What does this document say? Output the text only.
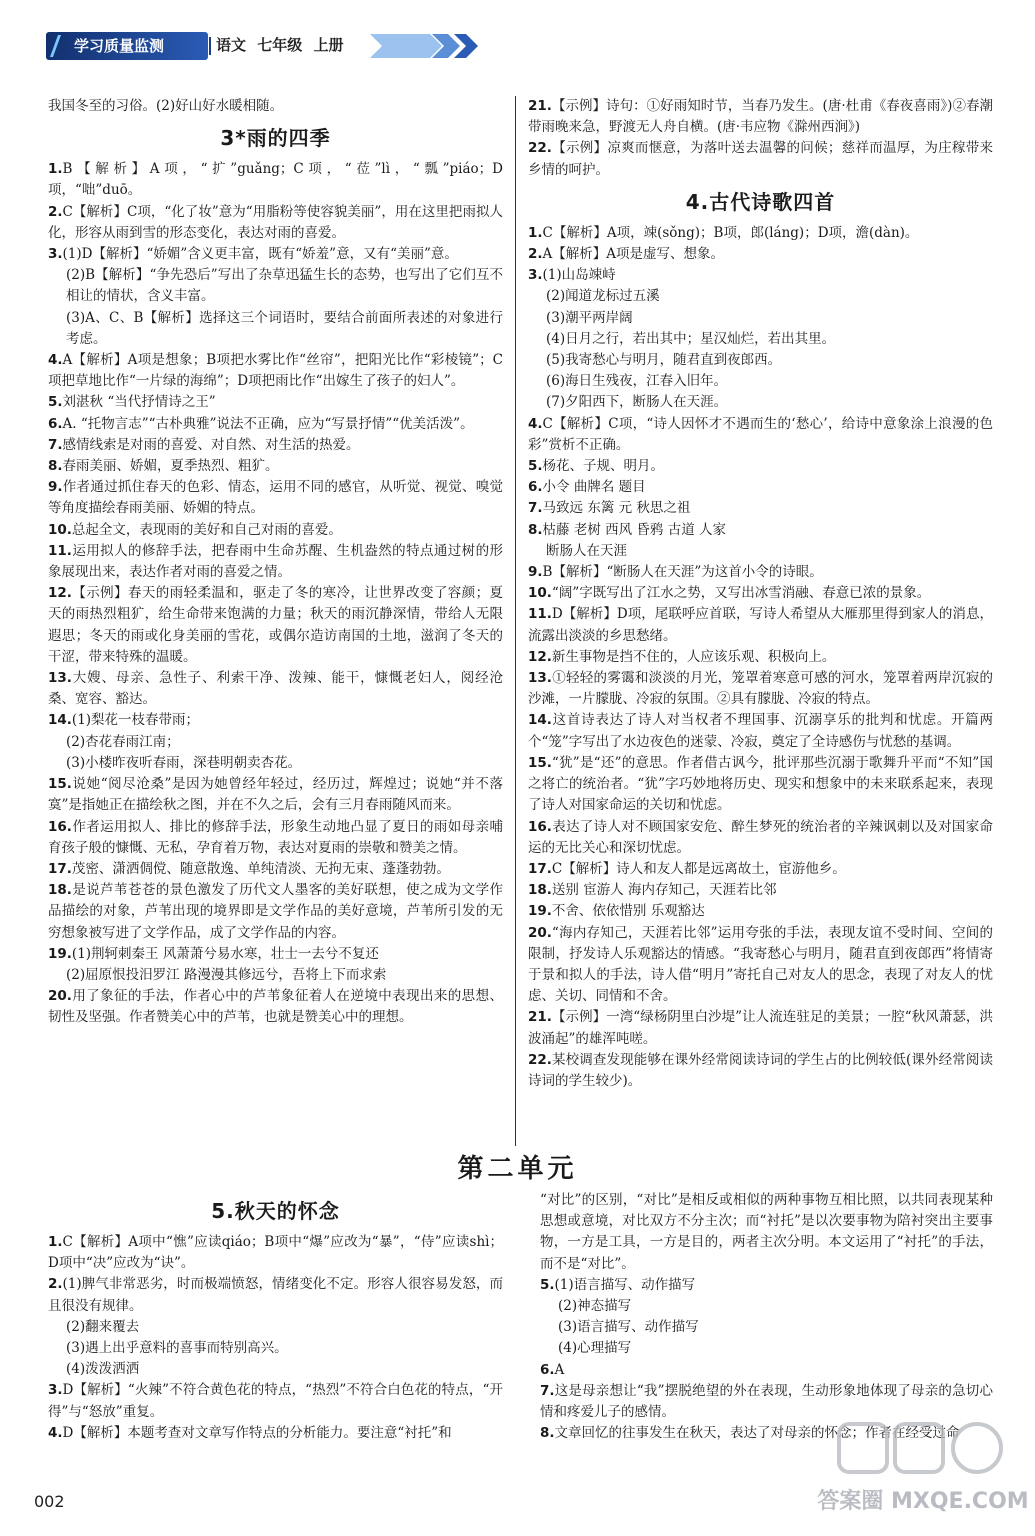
学习质量监测	语文 七年级 上册
我国冬至的习俗。(2)好山好水暖相随。
3*雨的四季
1.B【解析】A项，“扩”guǎng；C项，“莅”lì，“瓢”piáo；D项，“咄”duō。
2.C【解析】C项，“化了妆”意为“用脂粉等使容貌美丽”，用在这里把雨拟人化，形容从雨到雪的形态变化，表达对雨的喜爱。
3.(1)D【解析】“娇媚”含义更丰富，既有“娇羞”意，又有“美丽”意。
(2)B【解析】“争先恐后”写出了杂草迅猛生长的态势，也写出了它们互不相让的情状，含义丰富。
(3)A、C、B【解析】选择这三个词语时，要结合前面所表述的对象进行考虑。
4.A【解析】A项是想象；B项把水雾比作“丝帘”，把阳光比作“彩棱镜”；C项把草地比作“一片绿的海绵”；D项把雨比作“出嫁生了孩子的妇人”。
5.刘湛秋 “当代抒情诗之王”
6.A. “托物言志”“古朴典雅”说法不正确，应为“写景抒情”“优美活泼”。
7.感情线索是对雨的喜爱、对自然、对生活的热爱。
8.春雨美丽、娇媚，夏季热烈、粗犷。
9.作者通过抓住春天的色彩、情态，运用不同的感官，从听觉、视觉、嗅觉等角度描绘春雨美丽、娇媚的特点。
10.总起全文，表现雨的美好和自己对雨的喜爱。
11.运用拟人的修辞手法，把春雨中生命苏醒、生机盎然的特点通过树的形象展现出来，表达作者对雨的喜爱之情。
12.【示例】春天的雨轻柔温和，驱走了冬的寒冷，让世界改变了容颜；夏天的雨热烈粗犷，给生命带来饱满的力量；秋天的雨沉静深情，带给人无限遐思；冬天的雨或化身美丽的雪花，或偶尔造访南国的土地，滋润了冬天的干涩，带来特殊的温暖。
13.大嫂、母亲、急性子、利索干净、泼辣、能干，慷慨老妇人，阅经沧桑、宽容、豁达。
14.(1)梨花一枝春带雨；
(2)杏花春雨江南；
(3)小楼昨夜听春雨，深巷明朝卖杏花。
15.说她“阅尽沧桑”是因为她曾经年轻过，经历过，辉煌过；说她“并不落寞”是指她正在描绘秋之图，并在不久之后，会有三月春雨随风而来。
16.作者运用拟人、排比的修辞手法，形象生动地凸显了夏日的雨如母亲哺育孩子般的慷慨、无私，孕育着万物，表达对夏雨的崇敬和赞美之情。
17.茂密、潇洒倜傥、随意散逸、单纯清淡、无拘无束、蓬蓬勃勃。
18.是说芦苇苍苍的景色激发了历代文人墨客的美好联想，使之成为文学作品描绘的对象，芦苇出现的境界即是文学作品的美好意境，芦苇所引发的无穷想象被写进了文学作品，成了文学作品的内容。
19.(1)荆轲刺秦王 风萧萧兮易水寒，壮士一去兮不复还
(2)屈原恨投汨罗江 路漫漫其修远兮，吾将上下而求索
20.用了象征的手法，作者心中的芦苇象征着人在逆境中表现出来的思想、韧性及坚强。作者赞美心中的芦苇，也就是赞美心中的理想。
21.【示例】诗句：①好雨知时节，当春乃发生。(唐·杜甫《春夜喜雨》)②春潮带雨晚来急，野渡无人舟自横。(唐·韦应物《滁州西涧》)
22.【示例】凉爽而惬意，为落叶送去温馨的问候；慈祥而温厚，为庄稼带来乡情的呵护。
4.古代诗歌四首
1.C【解析】A项，竦(sǒng)；B项，郎(láng)；D项，澹(dàn)。
2.A【解析】A项是虚写、想象。
3.(1)山岛竦峙
(2)闻道龙标过五溪
(3)潮平两岸阔
(4)日月之行，若出其中；星汉灿烂，若出其里。
(5)我寄愁心与明月，随君直到夜郎西。
(6)海日生残夜，江春入旧年。
(7)夕阳西下，断肠人在天涯。
4.C【解析】C项，“诗人因怀才不遇而生的‘愁心’，给诗中意象涂上浪漫的色彩”赏析不正确。
5.杨花、子规、明月。
6.小令 曲牌名 题目
7.马致远 东篱 元 秋思之祖
8.枯藤 老树 西风 昏鸦 古道 人家
断肠人在天涯
9.B【解析】“断肠人在天涯”为这首小令的诗眼。
10.“阔”字既写出了江水之势，又写出冰雪消融、春意已浓的景象。
11.D【解析】D项，尾联呼应首联，写诗人希望从大雁那里得到家人的消息，流露出淡淡的乡思愁绪。
12.新生事物是挡不住的，人应该乐观、积极向上。
13.①轻轻的雾霭和淡淡的月光，笼罩着寒意可感的河水，笼罩着两岸沉寂的沙滩，一片朦胧、冷寂的氛围。②具有朦胧、冷寂的特点。
14.这首诗表达了诗人对当权者不理国事、沉溺享乐的批判和忧虑。开篇两个“笼”字写出了水边夜色的迷蒙、冷寂，奠定了全诗感伤与忧愁的基调。
15.“犹”是“还”的意思。作者借古讽今，批评那些沉溺于歌舞升平而“不知”国之将亡的统治者。“犹”字巧妙地将历史、现实和想象中的未来联系起来，表现了诗人对国家命运的关切和忧虑。
16.表达了诗人对不顾国家安危、醉生梦死的统治者的辛辣讽刺以及对国家命运的无比关心和深切忧虑。
17.C【解析】诗人和友人都是远离故土，宦游他乡。
18.送别 宦游人 海内存知己，天涯若比邻
19.不舍、依依惜别 乐观豁达
20.“海内存知己，天涯若比邻”运用夸张的手法，表现友谊不受时间、空间的限制，抒发诗人乐观豁达的情感。“我寄愁心与明月，随君直到夜郎西”将情寄于景和拟人的手法，诗人借“明月”寄托自己对友人的思念，表现了对友人的忧虑、关切、同情和不舍。
21.【示例】一湾“绿杨阴里白沙堤”让人流连驻足的美景；一腔“秋风萧瑟，洪波涌起”的雄浑吨嗟。
22.某校调查发现能够在课外经常阅读诗词的学生占的比例较低(课外经常阅读诗词的学生较少)。
第二单元
5.秋天的怀念
1.C【解析】A项中“憔”应读qiáo；B项中“爆”应改为“暴”，“侍”应读shì；D项中“决”应改为“诀”。
2.(1)脾气非常恶劣，时而极端愤怒，情绪变化不定。形容人很容易发怒，而且很没有规律。
(2)翻来覆去
(3)遇上出乎意料的喜事而特别高兴。
(4)泼泼洒洒
3.D【解析】“火辣”不符合黄色花的特点，“热烈”不符合白色花的特点，“开得”与“怒放”重复。
4.D【解析】本题考查对文章写作特点的分析能力。要注意“衬托”和
“对比”的区别，“对比”是相反或相似的两种事物互相比照，以共同表现某种思想或意境，对比双方不分主次；而“衬托”是以次要事物为陪衬突出主要事物，一方是工具，一方是目的，两者主次分明。本文运用了“衬托”的手法，而不是“对比”。
5.(1)语言描写、动作描写
(2)神态描写
(3)语言描写、动作描写
(4)心理描写
6.A
7.这是母亲想让“我”摆脱绝望的外在表现，生动形象地体现了母亲的急切心情和疼爱儿子的感情。
8.文章回忆的往事发生在秋天，表达了对母亲的怀念；作者在经受过命
002	答案圈 MXQE.COM
